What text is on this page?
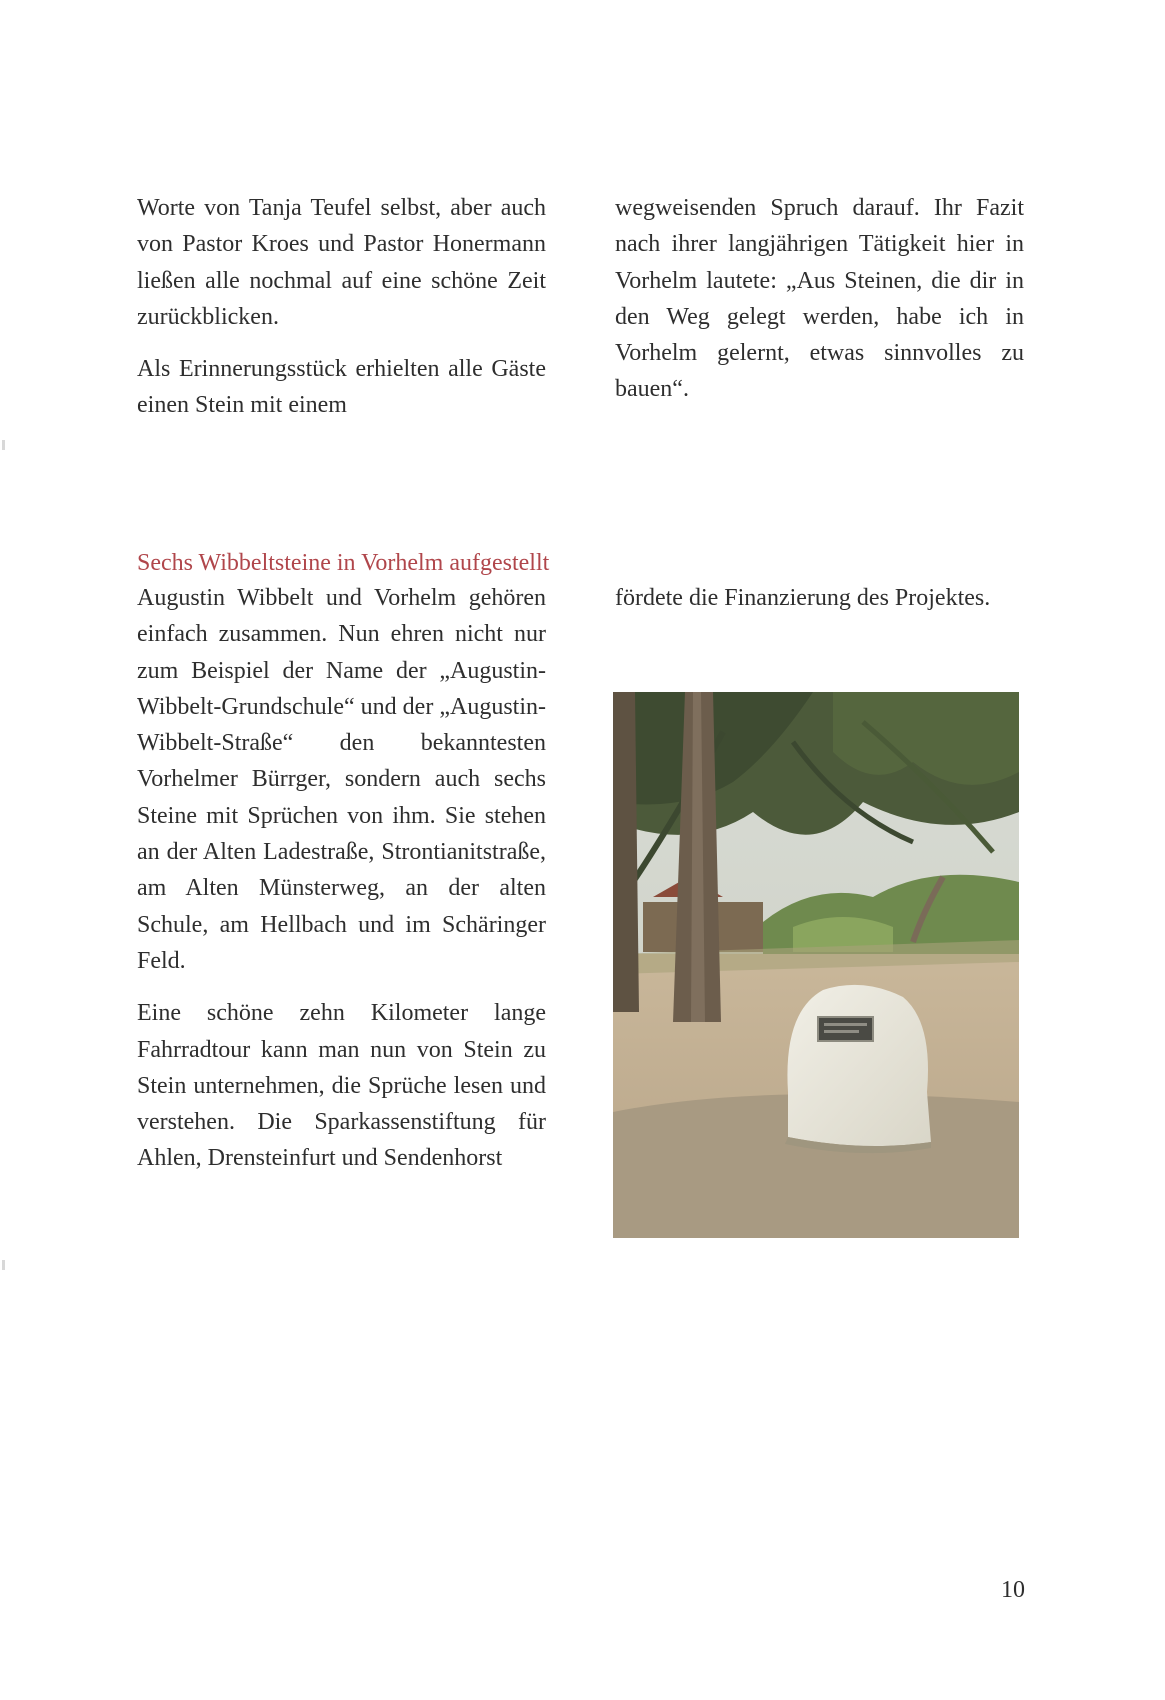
Worte von Tanja Teufel selbst, aber auch von Pastor Kroes und Pastor Honermann ließen alle nochmal auf eine schöne Zeit zurückblicken.

Als Erinnerungsstück erhielten alle Gäste einen Stein mit einem

wegweisenden Spruch darauf. Ihr Fazit nach ihrer langjährigen Tätigkeit hier in Vorhelm lautete: „Aus Steinen, die dir in den Weg gelegt werden, habe ich in Vorhelm gelernt, etwas sinnvolles zu bauen“.

Sechs Wibbeltsteine in Vorhelm aufgestellt

Augustin Wibbelt und Vorhelm gehören einfach zusammen. Nun ehren nicht nur zum Beispiel der Name der „Augustin-Wibbelt-Grundschule“ und der „Augustin-Wibbelt-Straße“ den bekanntesten Vorhelmer Bürrger, sondern auch sechs Steine mit Sprüchen von ihm. Sie stehen an der Alten Ladestraße, Strontianitstraße, am Alten Münsterweg, an der alten Schule, am Hellbach und im Schäringer Feld.

Eine schöne zehn Kilometer lange Fahrradtour kann man nun von Stein zu Stein unternehmen, die Sprüche lesen und verstehen. Die Sparkassenstiftung für Ahlen, Drensteinfurt und Sendenhorst

fördete die Finanzierung des Projektes.

10
